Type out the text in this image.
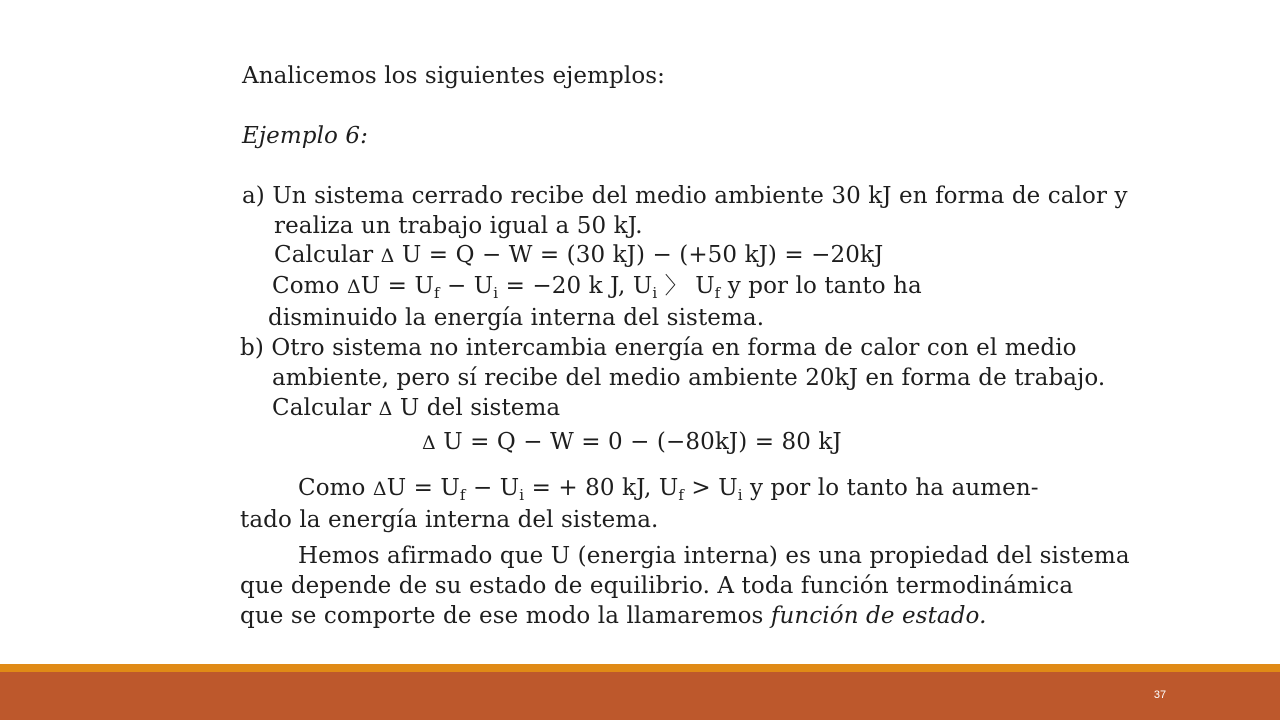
Analicemos los siguientes ejemplos:
Ejemplo 6:
a) Un sistema cerrado recibe del medio ambiente 30 kJ en forma de calor y
realiza un trabajo igual a 50 kJ.
Calcular Δ U = Q − W = (30 kJ) − (+50 kJ) = −20kJ
Como $\Delta U = U_f - U_i = -20$ k J, $U_i$ 〉 $U_f$ y por lo tanto ha
disminuido la energía interna del sistema.
b) Otro sistema no intercambia energía en forma de calor con el medio
ambiente, pero sí recibe del medio ambiente 20kJ en forma de trabajo.
Calcular Δ U del sistema
Δ U = Q − W = 0 − (−80kJ) = 80 kJ
Como $\Delta U = U_f - U_i$ = + 80 kJ, $U_f > U_i$ y por lo tanto ha aumen-
tado la energía interna del sistema.
Hemos afirmado que U (energia interna) es una propiedad del sistema
que depende de su estado de equilibrio. A toda función termodinámica
que se comporte de ese modo la llamaremos función de estado.
37
